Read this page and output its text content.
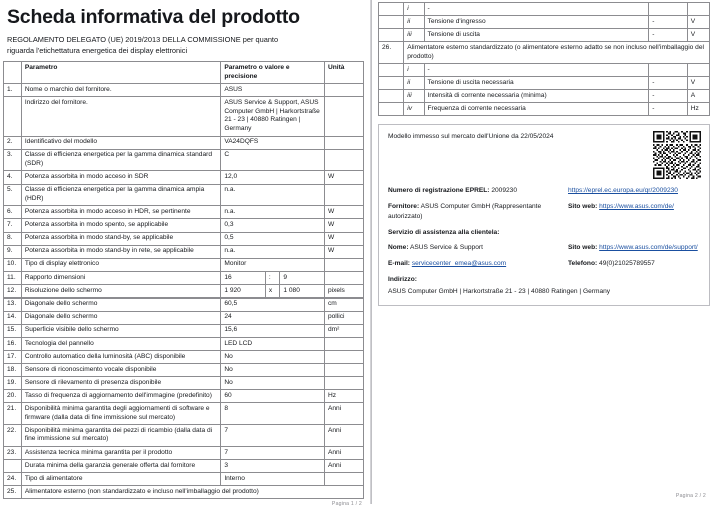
Scheda informativa del prodotto
REGOLAMENTO DELEGATO (UE) 2019/2013 DELLA COMMISSIONE per quanto riguarda l'etichettatura energetica dei display elettronici
	Parametro	Parametro o valore e precisione	Unità
1.	Nome o marchio del fornitore.	ASUS	
	Indirizzo del fornitore.	ASUS Service & Support, ASUS Computer GmbH | Harkortstraße 21 - 23 | 40880 Ratingen | Germany	
2.	Identificativo del modello	VA24DQFS	
3.	Classe di efficienza energetica per la gamma dinamica standard (SDR)	C	
4.	Potenza assorbita in modo acceso in SDR	12,0	W
5.	Classe di efficienza energetica per la gamma dinamica ampia (HDR)	n.a.	
6.	Potenza assorbita in modo acceso in HDR, se pertinente	n.a.	W
7.	Potenza assorbita in modo spento, se applicabile	0,3	W
8.	Potenza assorbita in modo stand-by, se applicabile	0,5	W
9.	Potenza assorbita in modo stand-by in rete, se applicabile	n.a.	W
10.	Tipo di display elettronico	Monitor	
11.	Rapporto dimensioni	16	:	9	
12.	Risoluzione dello schermo	1 920	x	1 080	pixels
13.	Diagonale dello schermo	60,5	cm
14.	Diagonale dello schermo	24	pollici
15.	Superficie visibile dello schermo	15,6	dm²
16.	Tecnologia del pannello	LED LCD	
17.	Controllo automatico della luminosità (ABC) disponibile	No	
18.	Sensore di riconoscimento vocale disponibile	No	
19.	Sensore di rilevamento di presenza disponibile	No	
20.	Tasso di frequenza di aggiornamento dell'immagine (predefinito)	60	Hz
21.	Disponibilità minima garantita degli aggiornamenti di software e firmware (dalla data di fine immissione sul mercato)	8	Anni
22.	Disponibilità minima garantita dei pezzi di ricambio (dalla data di fine immissione sul mercato)	7	Anni
23.	Assistenza tecnica minima garantita per il prodotto	7	Anni
	Durata minima della garanzia generale offerta dal fornitore	3	Anni
24.	Tipo di alimentatore	Interno	
25.	Alimentatore esterno (non standardizzato e incluso nell'imballaggio del prodotto)		
Pagina 1 / 2
	i	-		
	ii	Tensione d'ingresso	-	V
	iii	Tensione di uscita	-	V
26.	Alimentatore esterno standardizzato (o alimentatore esterno adatto se non incluso nell'imballaggio del prodotto)			
	i	-		
	ii	Tensione di uscita necessaria	-	V
	iii	Intensità di corrente necessaria (minima)	-	A
	iv	Frequenza di corrente necessaria	-	Hz
Modello immesso sul mercato dell'Unione da 22/05/2024
Numero di registrazione EPREL: 2009230	https://eprel.ec.europa.eu/qr/2009230
Fornitore: ASUS Computer GmbH (Rappresentante autorizzato)
Sito web: https://www.asus.com/de/
Servizio di assistenza alla clientela:
Nome: ASUS Service & Support	Sito web: https://www.asus.com/de/support/
E-mail: servicecenter_emea@asus.com	Telefono: 49(0)21025789557
Indirizzo:
ASUS Computer GmbH | Harkortstraße 21 - 23 | 40880 Ratingen | Germany
Pagina 2 / 2
